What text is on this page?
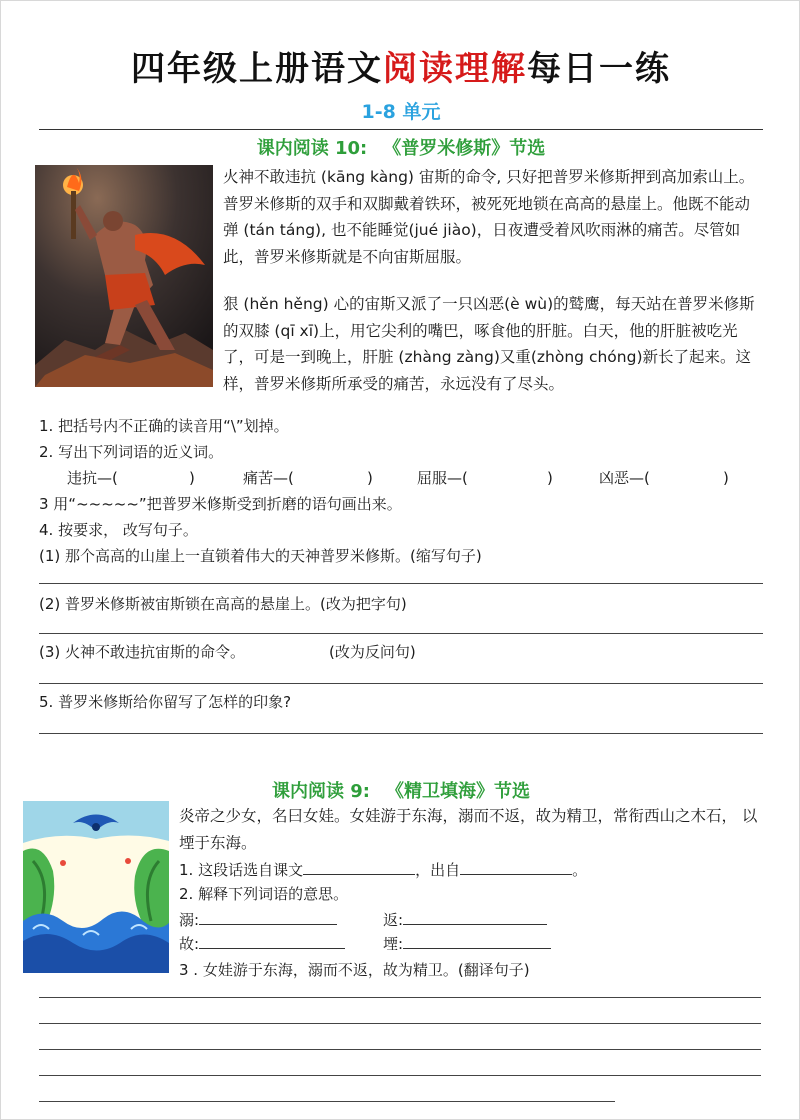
四年级上册语文阅读理解每日一练
1-8 单元
课内阅读 10: 《普罗米修斯》节选
火神不敢违抗 (kāng kàng) 宙斯的命令, 只好把普罗米修斯押到高加索山上。普罗米修斯的双手和双脚戴着铁环，被死死地锁在高高的悬崖上。他既不能动弹 (tán táng), 也不能睡觉(jué jiào)，日夜遭受着风吹雨淋的痛苦。尽管如此，普罗米修斯就是不向宙斯屈服。
狠 (hěn hěng) 心的宙斯又派了一只凶恶(è wù)的鹫鹰，每天站在普罗米修斯的双膝 (qī xī)上，用它尖利的嘴巴，啄食他的肝脏。白天，他的肝脏被吃光了，可是一到晚上，肝脏 (zhàng zàng)又重(zhòng chóng)新长了起来。这样，普罗米修斯所承受的痛苦，永远没有了尽头。
1. 把括号内不正确的读音用“\”划掉。
2. 写出下列词语的近义词。
违抗—(	)	痛苦—(	)	屈服—(	)	凶恶—(	)
3 用“~~~~~”把普罗米修斯受到折磨的语句画出来。
4. 按要求， 改写句子。
(1) 那个高高的山崖上一直锁着伟大的天神普罗米修斯。(缩写句子)
(2) 普罗米修斯被宙斯锁在高高的悬崖上。(改为把字句)
(3) 火神不敢违抗宙斯的命令。	(改为反问句)
5. 普罗米修斯给你留写了怎样的印象?
课内阅读 9: 《精卫填海》节选
炎帝之少女，名曰女娃。女娃游于东海，溺而不返，故为精卫，常衔西山之木石， 以堙于东海。
1. 这段话选自课文	，出自	。
2. 解释下列词语的意思。
溺:	返:
故:	堙:
3 . 女娃游于东海，溺而不返，故为精卫。(翻译句子)
